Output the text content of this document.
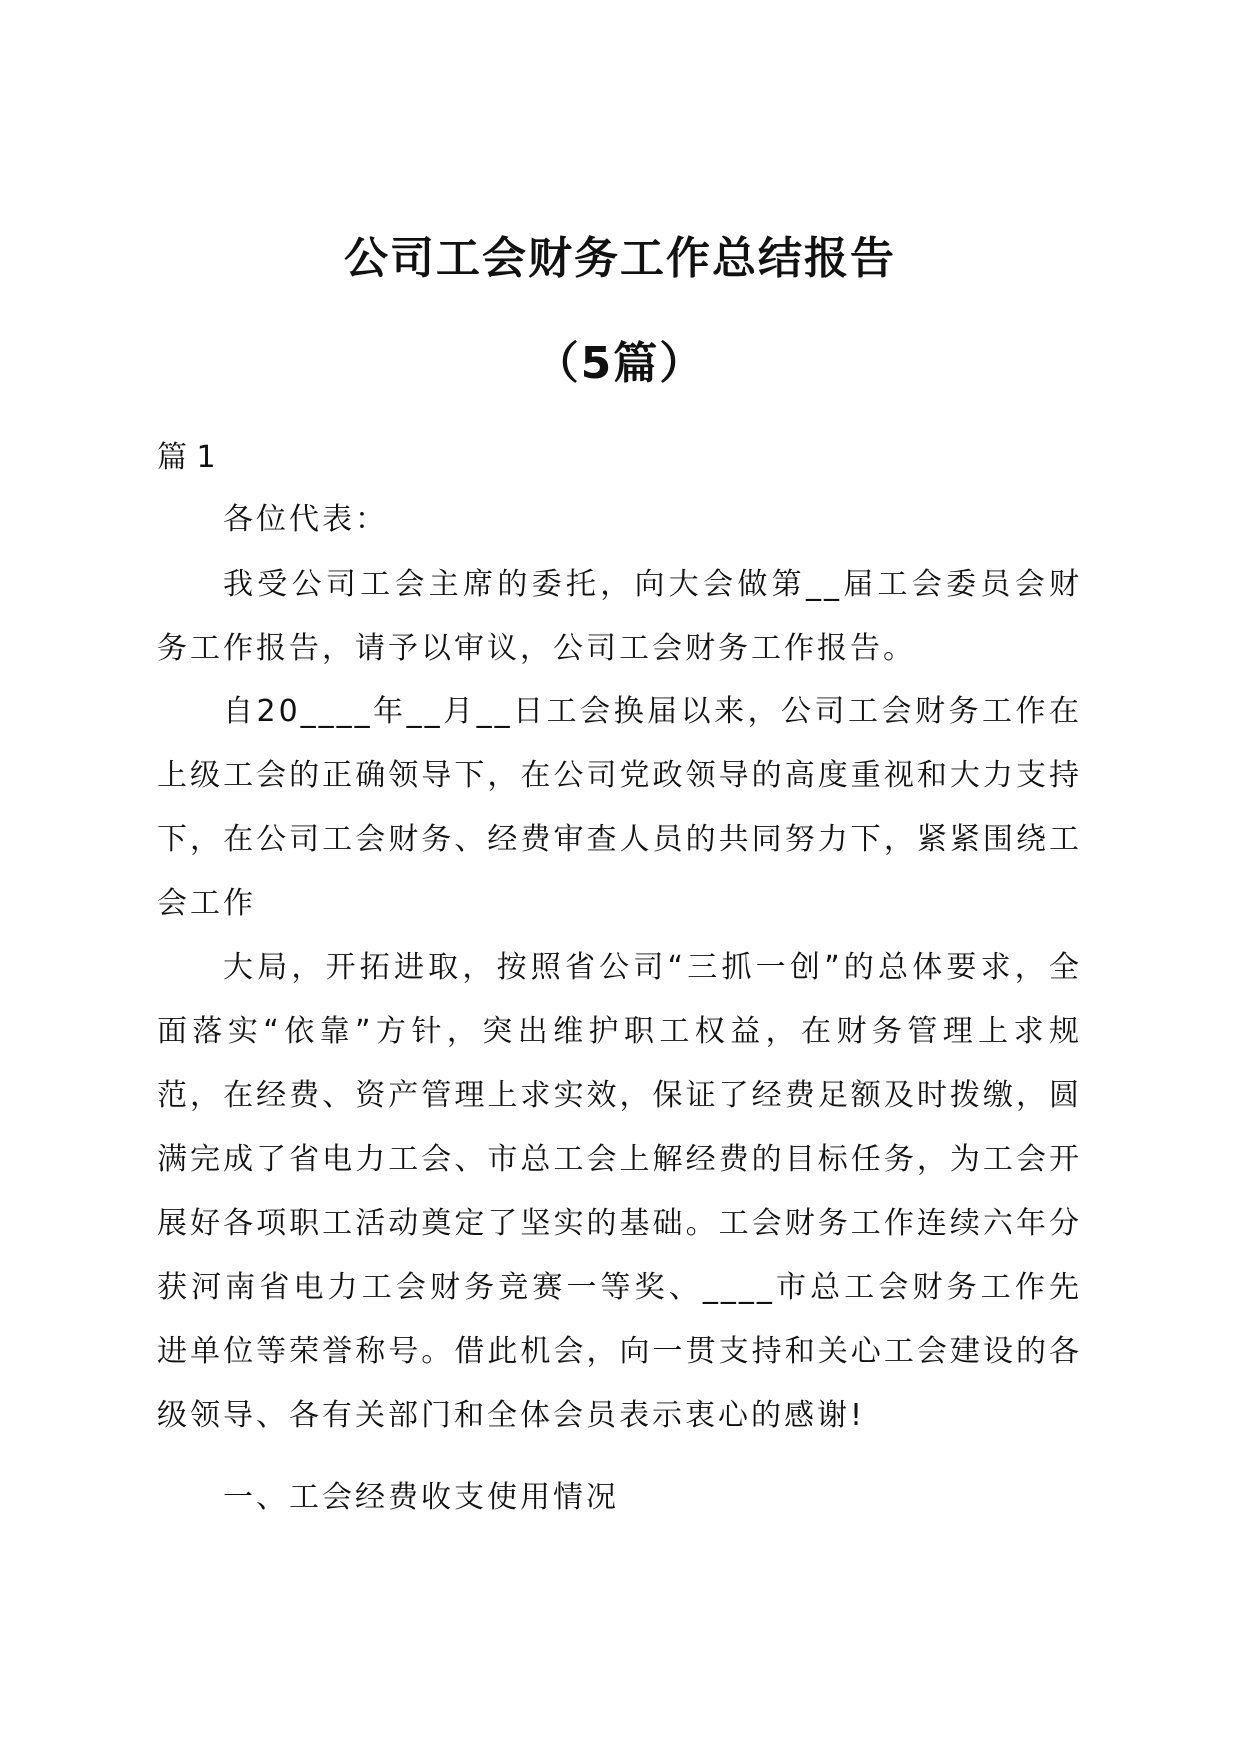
公司工会财务工作总结报告
（5篇）

篇 1

各位代表：

我受公司工会主席的委托，向大会做第__届工会委员会财务工作报告，请予以审议，公司工会财务工作报告。

自20____年__月__日工会换届以来，公司工会财务工作在上级工会的正确领导下，在公司党政领导的高度重视和大力支持下，在公司工会财务、经费审查人员的共同努力下，紧紧围绕工会工作

大局，开拓进取，按照省公司“三抓一创”的总体要求，全面落实“依靠”方针，突出维护职工权益，在财务管理上求规范，在经费、资产管理上求实效，保证了经费足额及时拨缴，圆满完成了省电力工会、市总工会上解经费的目标任务，为工会开展好各项职工活动奠定了坚实的基础。工会财务工作连续六年分获河南省电力工会财务竞赛一等奖、____市总工会财务工作先进单位等荣誉称号。借此机会，向一贯支持和关心工会建设的各级领导、各有关部门和全体会员表示衷心的感谢!

一、工会经费收支使用情况
